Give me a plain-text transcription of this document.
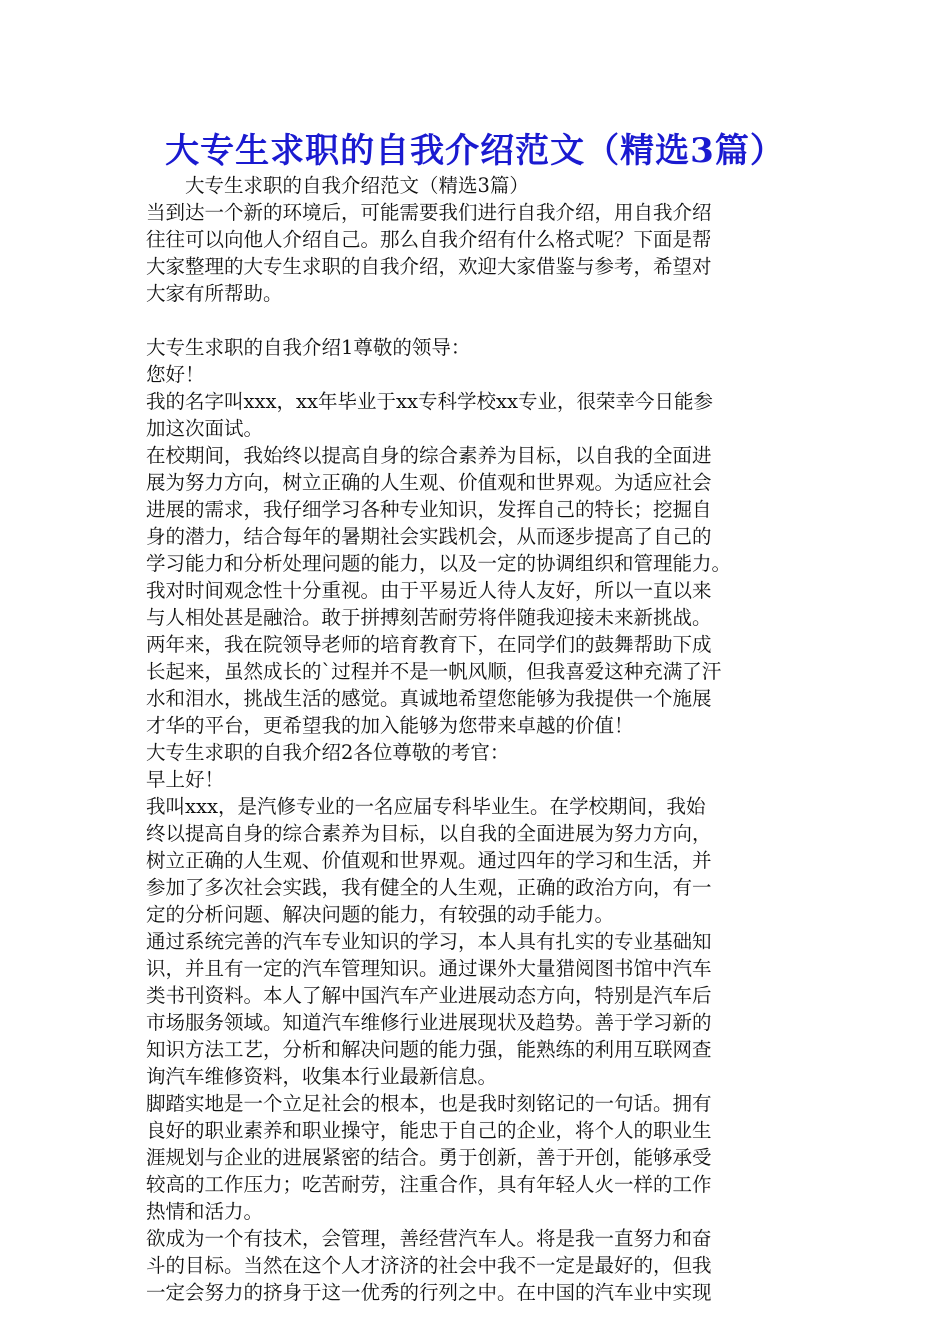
大专生求职的自我介绍范文（精选3篇）
　　大专生求职的自我介绍范文（精选3篇）
当到达一个新的环境后，可能需要我们进行自我介绍，用自我介绍
往往可以向他人介绍自己。那么自我介绍有什么格式呢？下面是帮
大家整理的大专生求职的自我介绍，欢迎大家借鉴与参考，希望对
大家有所帮助。
大专生求职的自我介绍1尊敬的领导：
您好！
我的名字叫xxx，xx年毕业于xx专科学校xx专业，很荣幸今日能参
加这次面试。
在校期间，我始终以提高自身的综合素养为目标，以自我的全面进
展为努力方向，树立正确的人生观、价值观和世界观。为适应社会
进展的需求，我仔细学习各种专业知识，发挥自己的特长；挖掘自
身的潜力，结合每年的暑期社会实践机会，从而逐步提高了自己的
学习能力和分析处理问题的能力，以及一定的协调组织和管理能力。
我对时间观念性十分重视。由于平易近人待人友好，所以一直以来
与人相处甚是融洽。敢于拼搏刻苦耐劳将伴随我迎接未来新挑战。
两年来，我在院领导老师的培育教育下，在同学们的鼓舞帮助下成
长起来，虽然成长的`过程并不是一帆风顺，但我喜爱这种充满了汗
水和泪水，挑战生活的感觉。真诚地希望您能够为我提供一个施展
才华的平台，更希望我的加入能够为您带来卓越的价值！
大专生求职的自我介绍2各位尊敬的考官：
早上好！
我叫xxx，是汽修专业的一名应届专科毕业生。在学校期间，我始
终以提高自身的综合素养为目标，以自我的全面进展为努力方向，
树立正确的人生观、价值观和世界观。通过四年的学习和生活，并
参加了多次社会实践，我有健全的人生观，正确的政治方向，有一
定的分析问题、解决问题的能力，有较强的动手能力。
通过系统完善的汽车专业知识的学习，本人具有扎实的专业基础知
识，并且有一定的汽车管理知识。通过课外大量猎阅图书馆中汽车
类书刊资料。本人了解中国汽车产业进展动态方向，特别是汽车后
市场服务领域。知道汽车维修行业进展现状及趋势。善于学习新的
知识方法工艺，分析和解决问题的能力强，能熟练的利用互联网查
询汽车维修资料，收集本行业最新信息。
脚踏实地是一个立足社会的根本，也是我时刻铭记的一句话。拥有
良好的职业素养和职业操守，能忠于自己的企业，将个人的职业生
涯规划与企业的进展紧密的结合。勇于创新，善于开创，能够承受
较高的工作压力；吃苦耐劳，注重合作，具有年轻人火一样的工作
热情和活力。
欲成为一个有技术，会管理，善经营汽车人。将是我一直努力和奋
斗的目标。当然在这个人才济济的社会中我不一定是最好的，但我
一定会努力的挤身于这一优秀的行列之中。在中国的汽车业中实现
